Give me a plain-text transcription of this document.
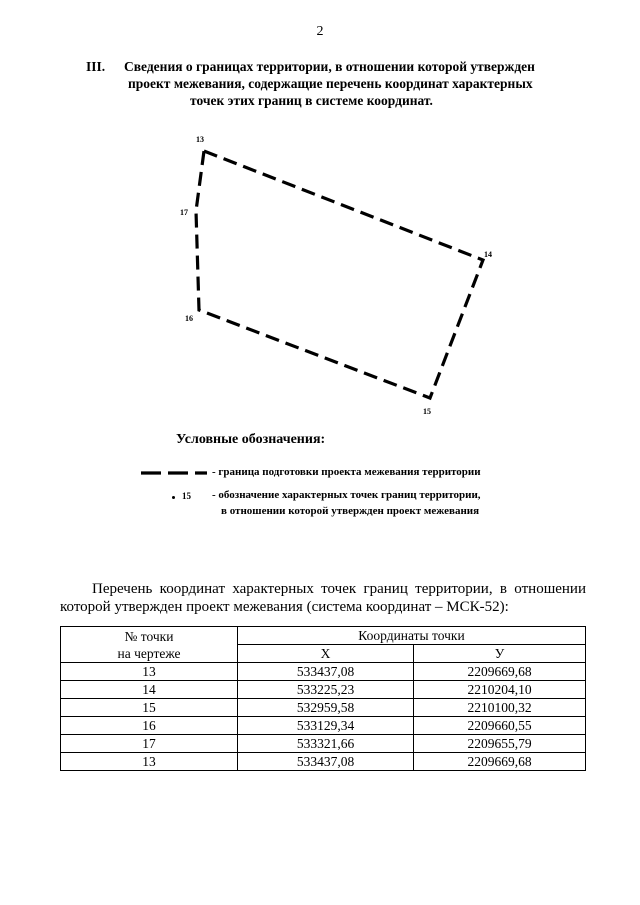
2
III. Сведения о границах территории, в отношении которой утвержден
проект межевания, содержащие перечень координат характерных
точек этих границ в системе координат.
13
14
15
16
17
Условные обозначения:
- граница подготовки проекта межевания территории
15 - обозначение характерных точек границ территории,
в отношении которой утвержден проект межевания
Перечень координат характерных точек границ территории, в отношении которой утвержден проект межевания (система координат – МСК-52):
№ точки
на чертеже	Координаты точки	
	X	У
13	533437,08	2209669,68
14	533225,23	2210204,10
15	532959,58	2210100,32
16	533129,34	2209660,55
17	533321,66	2209655,79
13	533437,08	2209669,68
